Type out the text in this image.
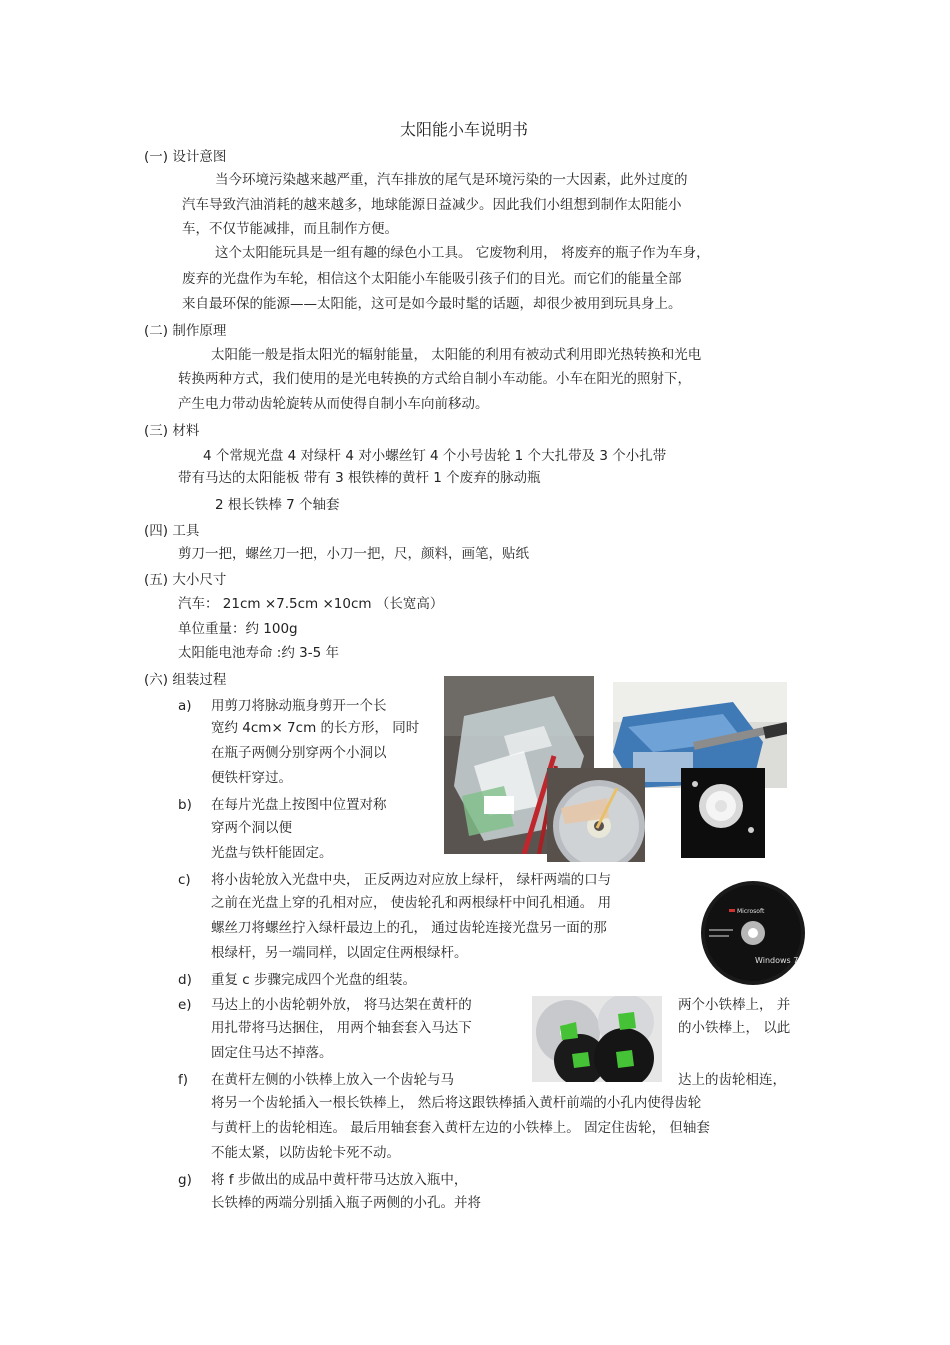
太阳能小车说明书
(一) 设计意图
当今环境污染越来越严重，汽车排放的尾气是环境污染的一大因素，此外过度的
汽车导致汽油消耗的越来越多，地球能源日益减少。因此我们小组想到制作太阳能小
车，不仅节能减排，而且制作方便。
这个太阳能玩具是一组有趣的绿色小工具。 它废物利用， 将废弃的瓶子作为车身，
废弃的光盘作为车轮，相信这个太阳能小车能吸引孩子们的目光。而它们的能量全部
来自最环保的能源——太阳能，这可是如今最时髦的话题，却很少被用到玩具身上。
(二) 制作原理
太阳能一般是指太阳光的辐射能量， 太阳能的利用有被动式利用即光热转换和光电
转换两种方式，我们使用的是光电转换的方式给自制小车动能。小车在阳光的照射下，
产生电力带动齿轮旋转从而使得自制小车向前移动。
(三) 材料
4 个常规光盘 4 对绿杆 4 对小螺丝钉 4 个小号齿轮 1 个大扎带及 3 个小扎带
带有马达的太阳能板 带有 3 根铁棒的黄杆 1 个废弃的脉动瓶
2 根长铁棒 7 个轴套
(四) 工具
剪刀一把，螺丝刀一把，小刀一把，尺，颜料，画笔，贴纸
(五) 大小尺寸
汽车： 21cm ×7.5cm ×10cm （长宽高）
单位重量：约 100g
太阳能电池寿命 :约 3-5 年
(六) 组装过程
a) 用剪刀将脉动瓶身剪开一个长
宽约 4cm× 7cm 的长方形， 同时
在瓶子两侧分别穿两个小洞以
便铁杆穿过。
b) 在每片光盘上按图中位置对称
穿两个洞以便
光盘与铁杆能固定。
c) 将小齿轮放入光盘中央， 正反两边对应放上绿杆， 绿杆两端的口与
之前在光盘上穿的孔相对应， 使齿轮孔和两根绿杆中间孔相通。 用
螺丝刀将螺丝拧入绿杆最边上的孔， 通过齿轮连接光盘另一面的那
根绿杆，另一端同样，以固定住两根绿杆。
d) 重复 c 步骤完成四个光盘的组装。
e) 马达上的小齿轮朝外放， 将马达架在黄杆的
用扎带将马达捆住， 用两个轴套套入马达下
固定住马达不掉落。
两个小铁棒上， 并
的小铁棒上， 以此
f) 在黄杆左侧的小铁棒上放入一个齿轮与马	达上的齿轮相连，
将另一个齿轮插入一根长铁棒上， 然后将这跟铁棒插入黄杆前端的小孔内使得齿轮
与黄杆上的齿轮相连。 最后用轴套套入黄杆左边的小铁棒上。 固定住齿轮， 但轴套
不能太紧，以防齿轮卡死不动。
g) 将 f 步做出的成品中黄杆带马达放入瓶中，
长铁棒的两端分别插入瓶子两侧的小孔。并将
Microsoft
Windows 7
